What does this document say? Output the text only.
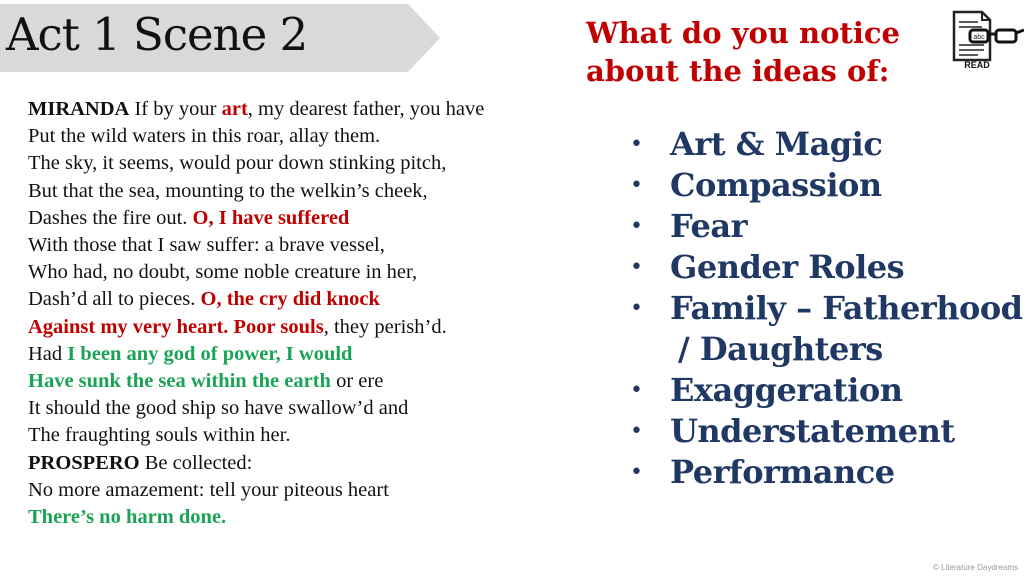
Act 1 Scene 2	What do you notice about the ideas of:
abc
READ
MIRANDA If by your art, my dearest father, you have
Put the wild waters in this roar, allay them.
The sky, it seems, would pour down stinking pitch,
But that the sea, mounting to the welkin’s cheek,
Dashes the fire out. O, I have suffered
With those that I saw suffer: a brave vessel,
Who had, no doubt, some noble creature in her,
Dash’d all to pieces. O, the cry did knock
Against my very heart. Poor souls, they perish’d.
Had I been any god of power, I would
Have sunk the sea within the earth or ere
It should the good ship so have swallow’d and
The fraughting souls within her.
PROSPERO Be collected:
No more amazement: tell your piteous heart
There’s no harm done.
• Art & Magic
• Compassion
• Fear
• Gender Roles
• Family – Fatherhood
/ Daughters
• Exaggeration
• Understatement
• Performance
© Literature Daydreams
